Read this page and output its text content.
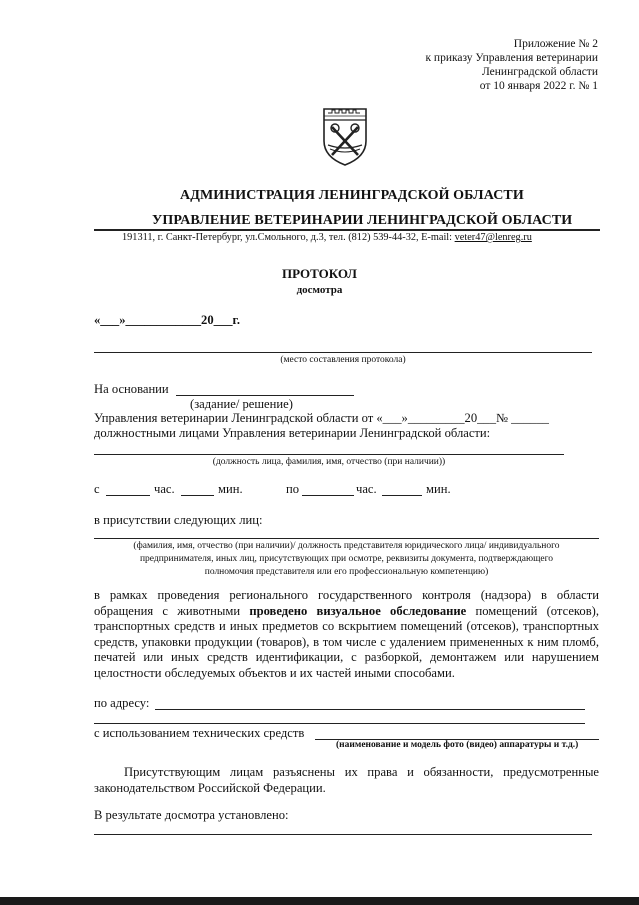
Приложение № 2
к приказу Управления ветеринарии
Ленинградской области
от 10 января 2022 г. № 1
АДМИНИСТРАЦИЯ ЛЕНИНГРАДСКОЙ ОБЛАСТИ
УПРАВЛЕНИЕ ВЕТЕРИНАРИИ ЛЕНИНГРАДСКОЙ ОБЛАСТИ
191311, г. Санкт-Петербург, ул.Смольного, д.3, тел. (812) 539-44-32, E-mail: veter47@lenreg.ru
ПРОТОКОЛ
досмотра
«___»____________20___г.
(место составления протокола)
На основании
(задание/ решение)
Управления ветеринарии Ленинградской области от «___»_________20___№ ______
должностными лицами Управления ветеринарии Ленинградской области:
(должность лица, фамилия, имя, отчество (при наличии))
с	час.	мин.	по	час.	мин.
в присутствии следующих лиц:
(фамилия, имя, отчество (при наличии)/ должность представителя юридического лица/ индивидуального
предпринимателя, иных лиц, присутствующих при осмотре, реквизиты документа, подтверждающего
полномочия представителя или его профессиональную компетенцию)
в рамках проведения регионального государственного контроля (надзора) в области обращения с животными проведено визуальное обследование помещений (отсеков), транспортных средств и иных предметов со вскрытием помещений (отсеков), транспортных средств, упаковки продукции (товаров), в том числе с удалением примененных к ним пломб, печатей или иных средств идентификации, с разборкой, демонтажем или нарушением целостности обследуемых объектов и их частей иными способами.
по адресу:
с использованием технических средств
(наименование и модель фото (видео) аппаратуры и т.д.)
Присутствующим лицам разъяснены их права и обязанности, предусмотренные законодательством Российской Федерации.
В результате досмотра установлено:
